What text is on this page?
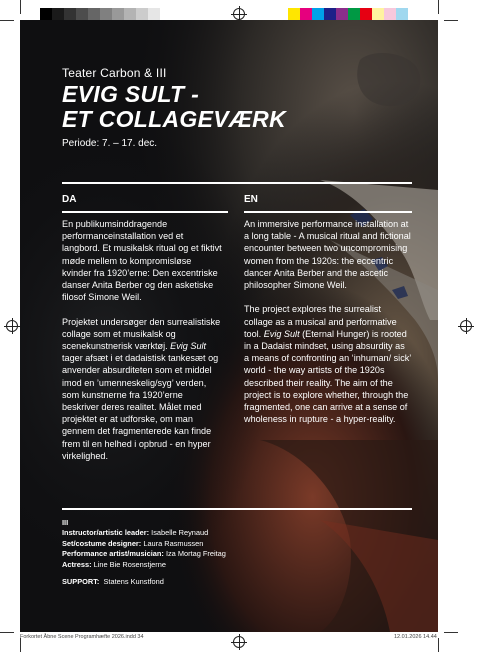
Teater Carbon & III
EVIG SULT -
ET COLLAGEVÆRK
Periode: 7. – 17. dec.
DA	EN

En publikumsinddragende performanceinstallation ved et langbord. Et musikalsk ritual og et fiktivt møde mellem to kompromisløse kvinder fra 1920’erne: Den excentriske danser Anita Berber og den asketiske filosof Simone Weil.

Projektet undersøger den surrealistiske collage som et musikalsk og scenekunstnerisk værktøj. Evig Sult tager afsæt i et dadaistisk tankesæt og anvender absurditeten som et middel imod en ’umenneskelig/syg’ verden, som kunstnerne fra 1920’erne beskriver deres realitet. Målet med projektet er at udforske, om man gennem det fragmenterede kan finde frem til en helhed i opbrud - en hyper virkelighed.

An immersive performance installation at a long table - A musical ritual and fictional encounter between two uncompromising women from the 1920s: the eccentric dancer Anita Berber and the ascetic philosopher Simone Weil.

The project explores the surrealist collage as a musical and performative tool. Evig Sult (Eternal Hunger) is rooted in a Dadaist mindset, using absurdity as a means of confronting an ‘inhuman/ sick’ world - the way artists of the 1920s described their reality. The aim of the project is to explore whether, through the fragmented, one can arrive at a sense of wholeness in rupture - a hyper-reality.

III
Instructor/artistic leader: Isabelle Reynaud
Set/costume designer: Laura Rasmussen
Performance artist/musician: Iza Mortag Freitag
Actress: Line Bie Rosenstjerne
SUPPORT: Statens Kunstfond
Forkortet Åbne Scene Programhæfte 2026.indd 34	12.01.2026 14.44
